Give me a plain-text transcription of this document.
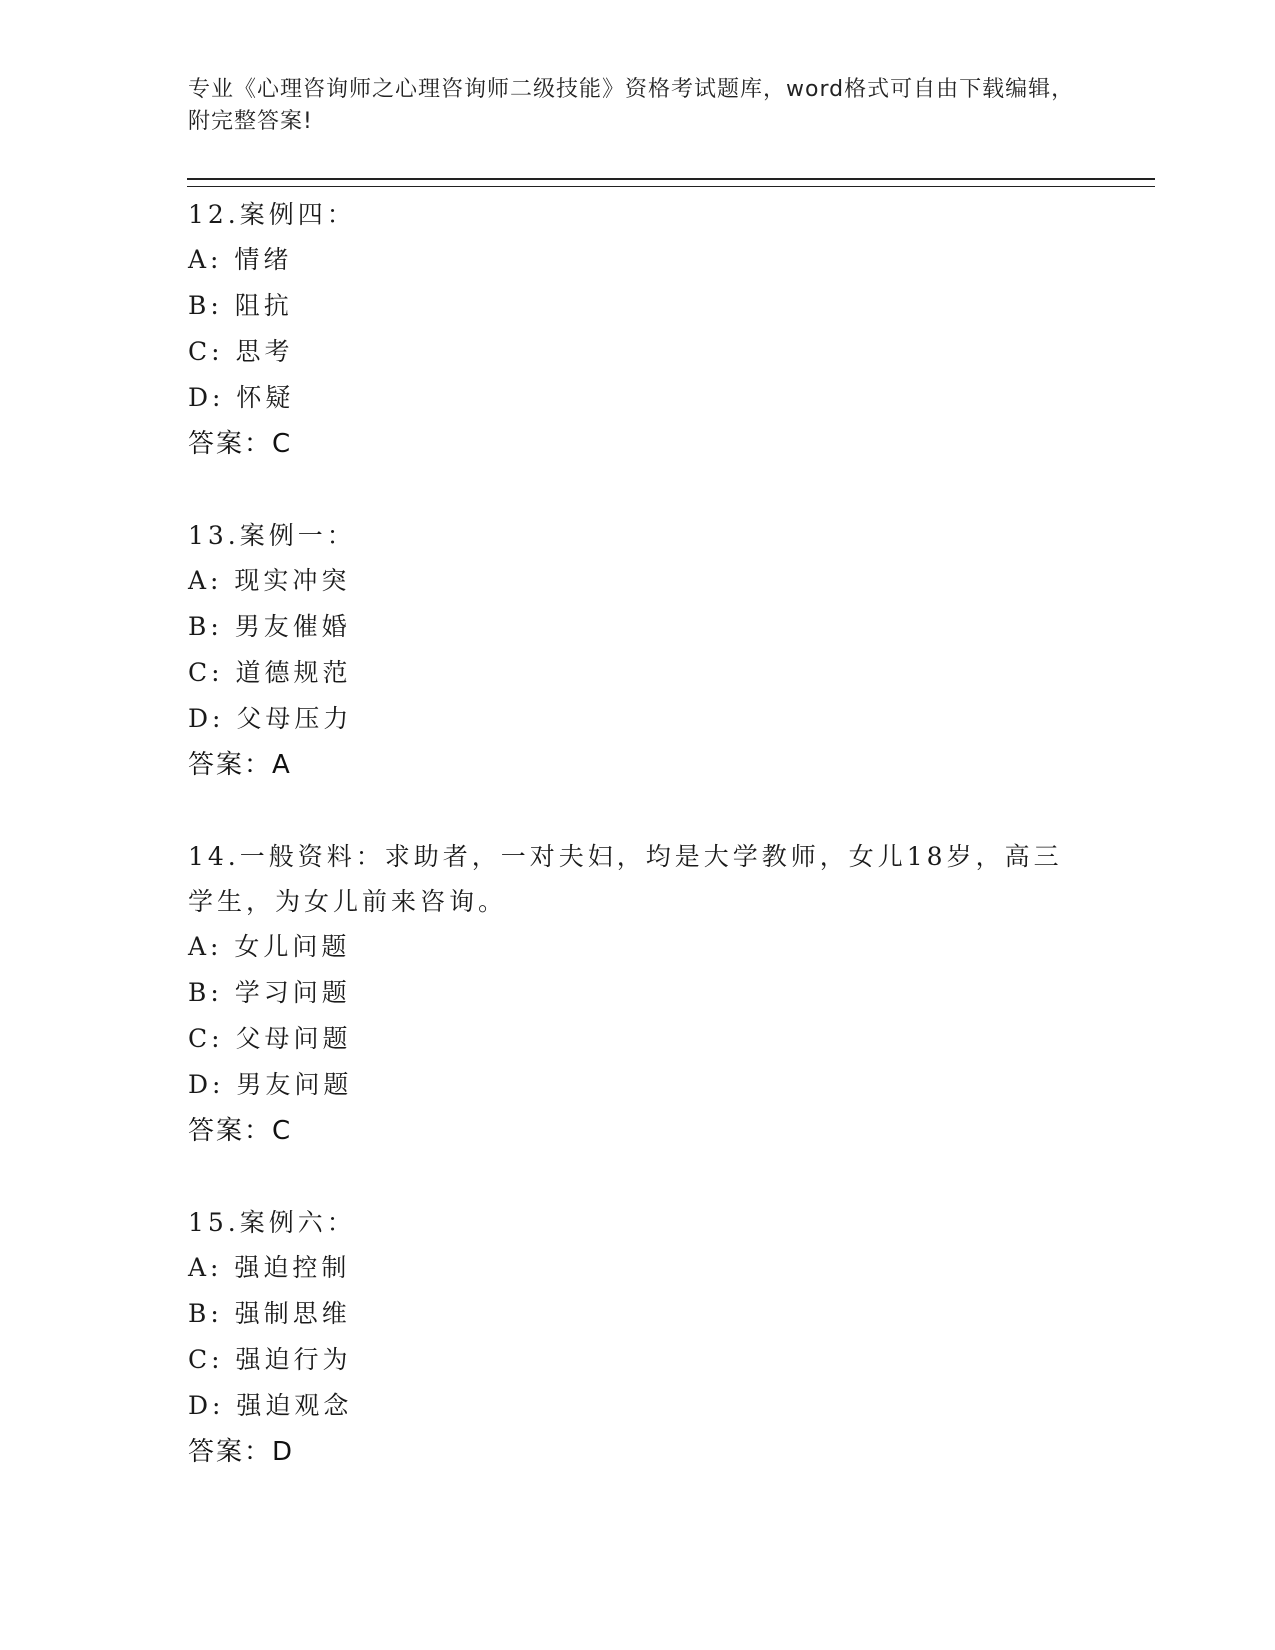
专业《心理咨询师之心理咨询师二级技能》资格考试题库，word格式可自由下载编辑，附完整答案!
12.案例四：
A: 情绪
B: 阻抗
C: 思考
D: 怀疑
答案：C
13.案例一：
A: 现实冲突
B: 男友催婚
C: 道德规范
D: 父母压力
答案：A
14.一般资料：求助者，一对夫妇，均是大学教师，女儿18岁，高三学生，为女儿前来咨询。
A: 女儿问题
B: 学习问题
C: 父母问题
D: 男友问题
答案：C
15.案例六：
A: 强迫控制
B: 强制思维
C: 强迫行为
D: 强迫观念
答案：D
